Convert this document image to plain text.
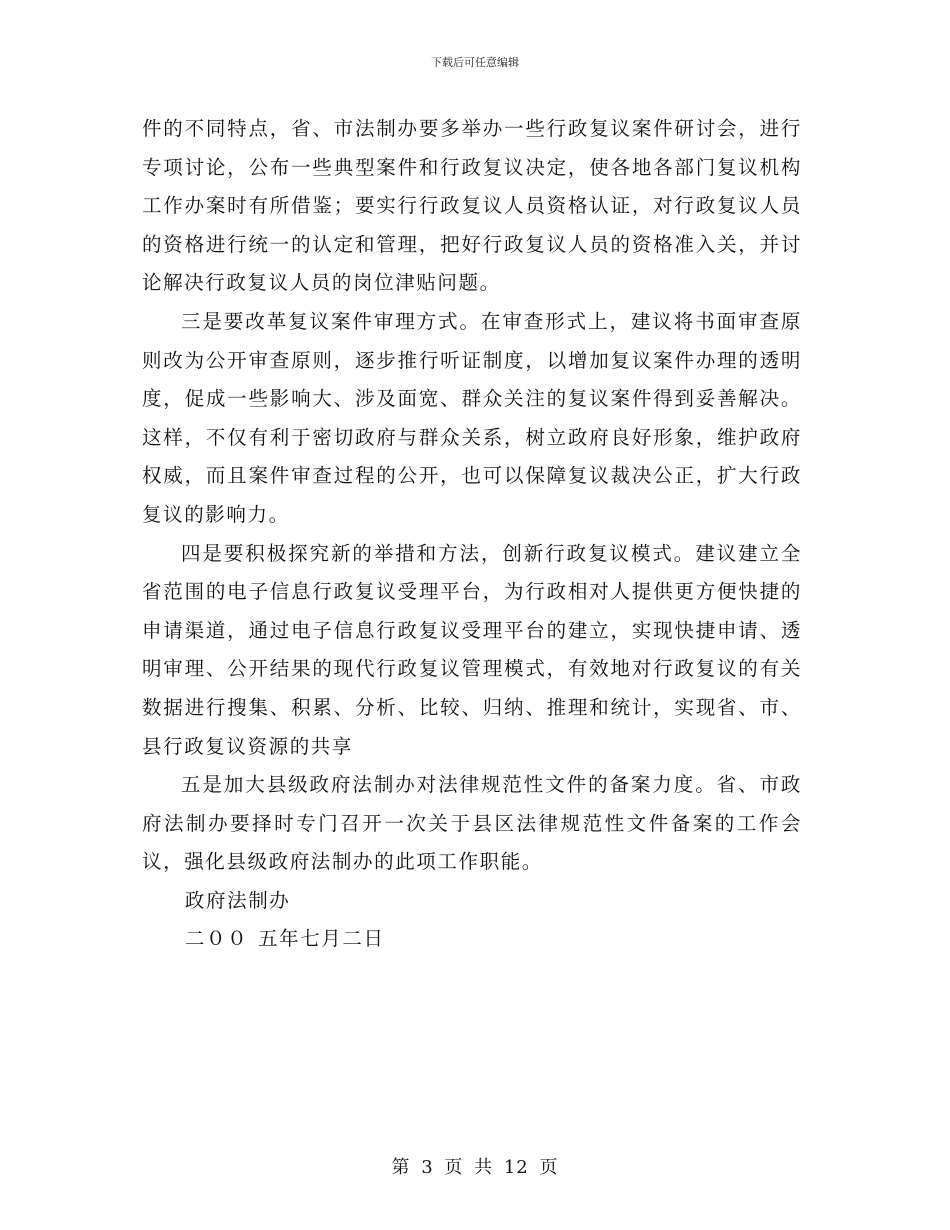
下载后可任意编辑

件的不同特点，省、市法制办要多举办一些行政复议案件研讨会，进行专项讨论，公布一些典型案件和行政复议决定，使各地各部门复议机构工作办案时有所借鉴；要实行行政复议人员资格认证，对行政复议人员的资格进行统一的认定和管理，把好行政复议人员的资格准入关，并讨论解决行政复议人员的岗位津贴问题。

三是要改革复议案件审理方式。在审查形式上，建议将书面审查原则改为公开审查原则，逐步推行听证制度，以增加复议案件办理的透明度，促成一些影响大、涉及面宽、群众关注的复议案件得到妥善解决。这样，不仅有利于密切政府与群众关系，树立政府良好形象，维护政府权威，而且案件审查过程的公开，也可以保障复议裁决公正，扩大行政复议的影响力。

四是要积极探究新的举措和方法，创新行政复议模式。建议建立全省范围的电子信息行政复议受理平台，为行政相对人提供更方便快捷的申请渠道，通过电子信息行政复议受理平台的建立，实现快捷申请、透明审理、公开结果的现代行政复议管理模式，有效地对行政复议的有关数据进行搜集、积累、分析、比较、归纳、推理和统计，实现省、市、县行政复议资源的共享

五是加大县级政府法制办对法律规范性文件的备案力度。省、市政府法制办要择时专门召开一次关于县区法律规范性文件备案的工作会议，强化县级政府法制办的此项工作职能。

政府法制办

二００ 五年七月二日

第 3 页 共 12 页
